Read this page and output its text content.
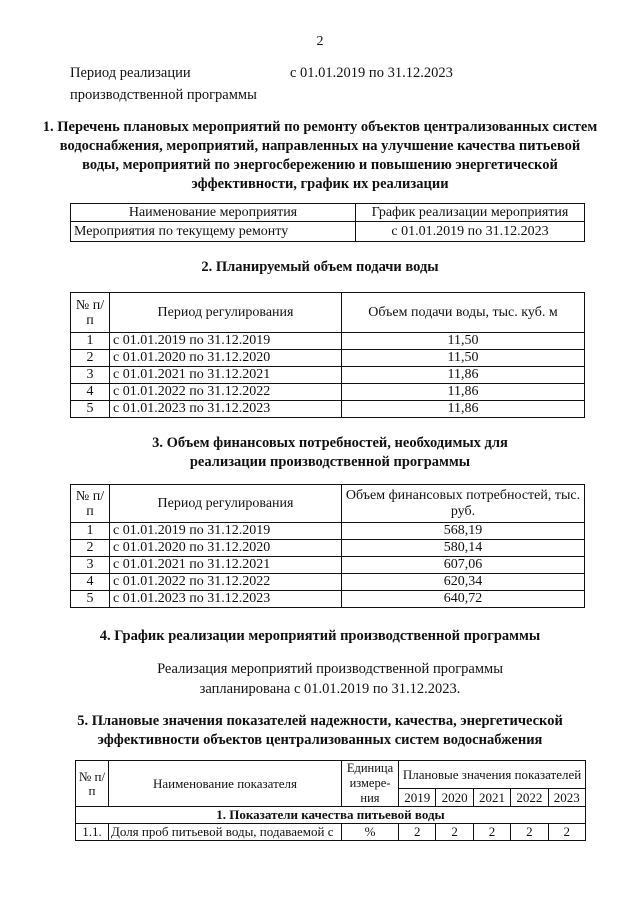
2
Период реализации
производственной программы
с 01.01.2019 по 31.12.2023
1. Перечень плановых мероприятий по ремонту объектов централизованных систем водоснабжения, мероприятий, направленных на улучшение качества питьевой воды, мероприятий по энергосбережению и повышению энергетической эффективности, график их реализации
Наименование мероприятия	График реализации мероприятия
Мероприятия по текущему ремонту	с 01.01.2019 по 31.12.2023
2. Планируемый объем подачи воды
№ п/п	Период регулирования	Объем подачи воды, тыс. куб. м
1	с 01.01.2019 по 31.12.2019	11,50
2	с 01.01.2020 по 31.12.2020	11,50
3	с 01.01.2021 по 31.12.2021	11,86
4	с 01.01.2022 по 31.12.2022	11,86
5	с 01.01.2023 по 31.12.2023	11,86
3. Объем финансовых потребностей, необходимых для реализации производственной программы
№ п/п	Период регулирования	Объем финансовых потребностей, тыс. руб.
1	с 01.01.2019 по 31.12.2019	568,19
2	с 01.01.2020 по 31.12.2020	580,14
3	с 01.01.2021 по 31.12.2021	607,06
4	с 01.01.2022 по 31.12.2022	620,34
5	с 01.01.2023 по 31.12.2023	640,72
4. График реализации мероприятий производственной программы
Реализация мероприятий производственной программы запланирована с 01.01.2019 по 31.12.2023.
5. Плановые значения показателей надежности, качества, энергетической эффективности объектов централизованных систем водоснабжения
№ п/п	Наименование показателя	Единица измере-ния	Плановые значения показателей				
			2019	2020	2021	2022	2023
1. Показатели качества питьевой воды							
1.1.	Доля проб питьевой воды, подаваемой с	%	2	2	2	2	2
